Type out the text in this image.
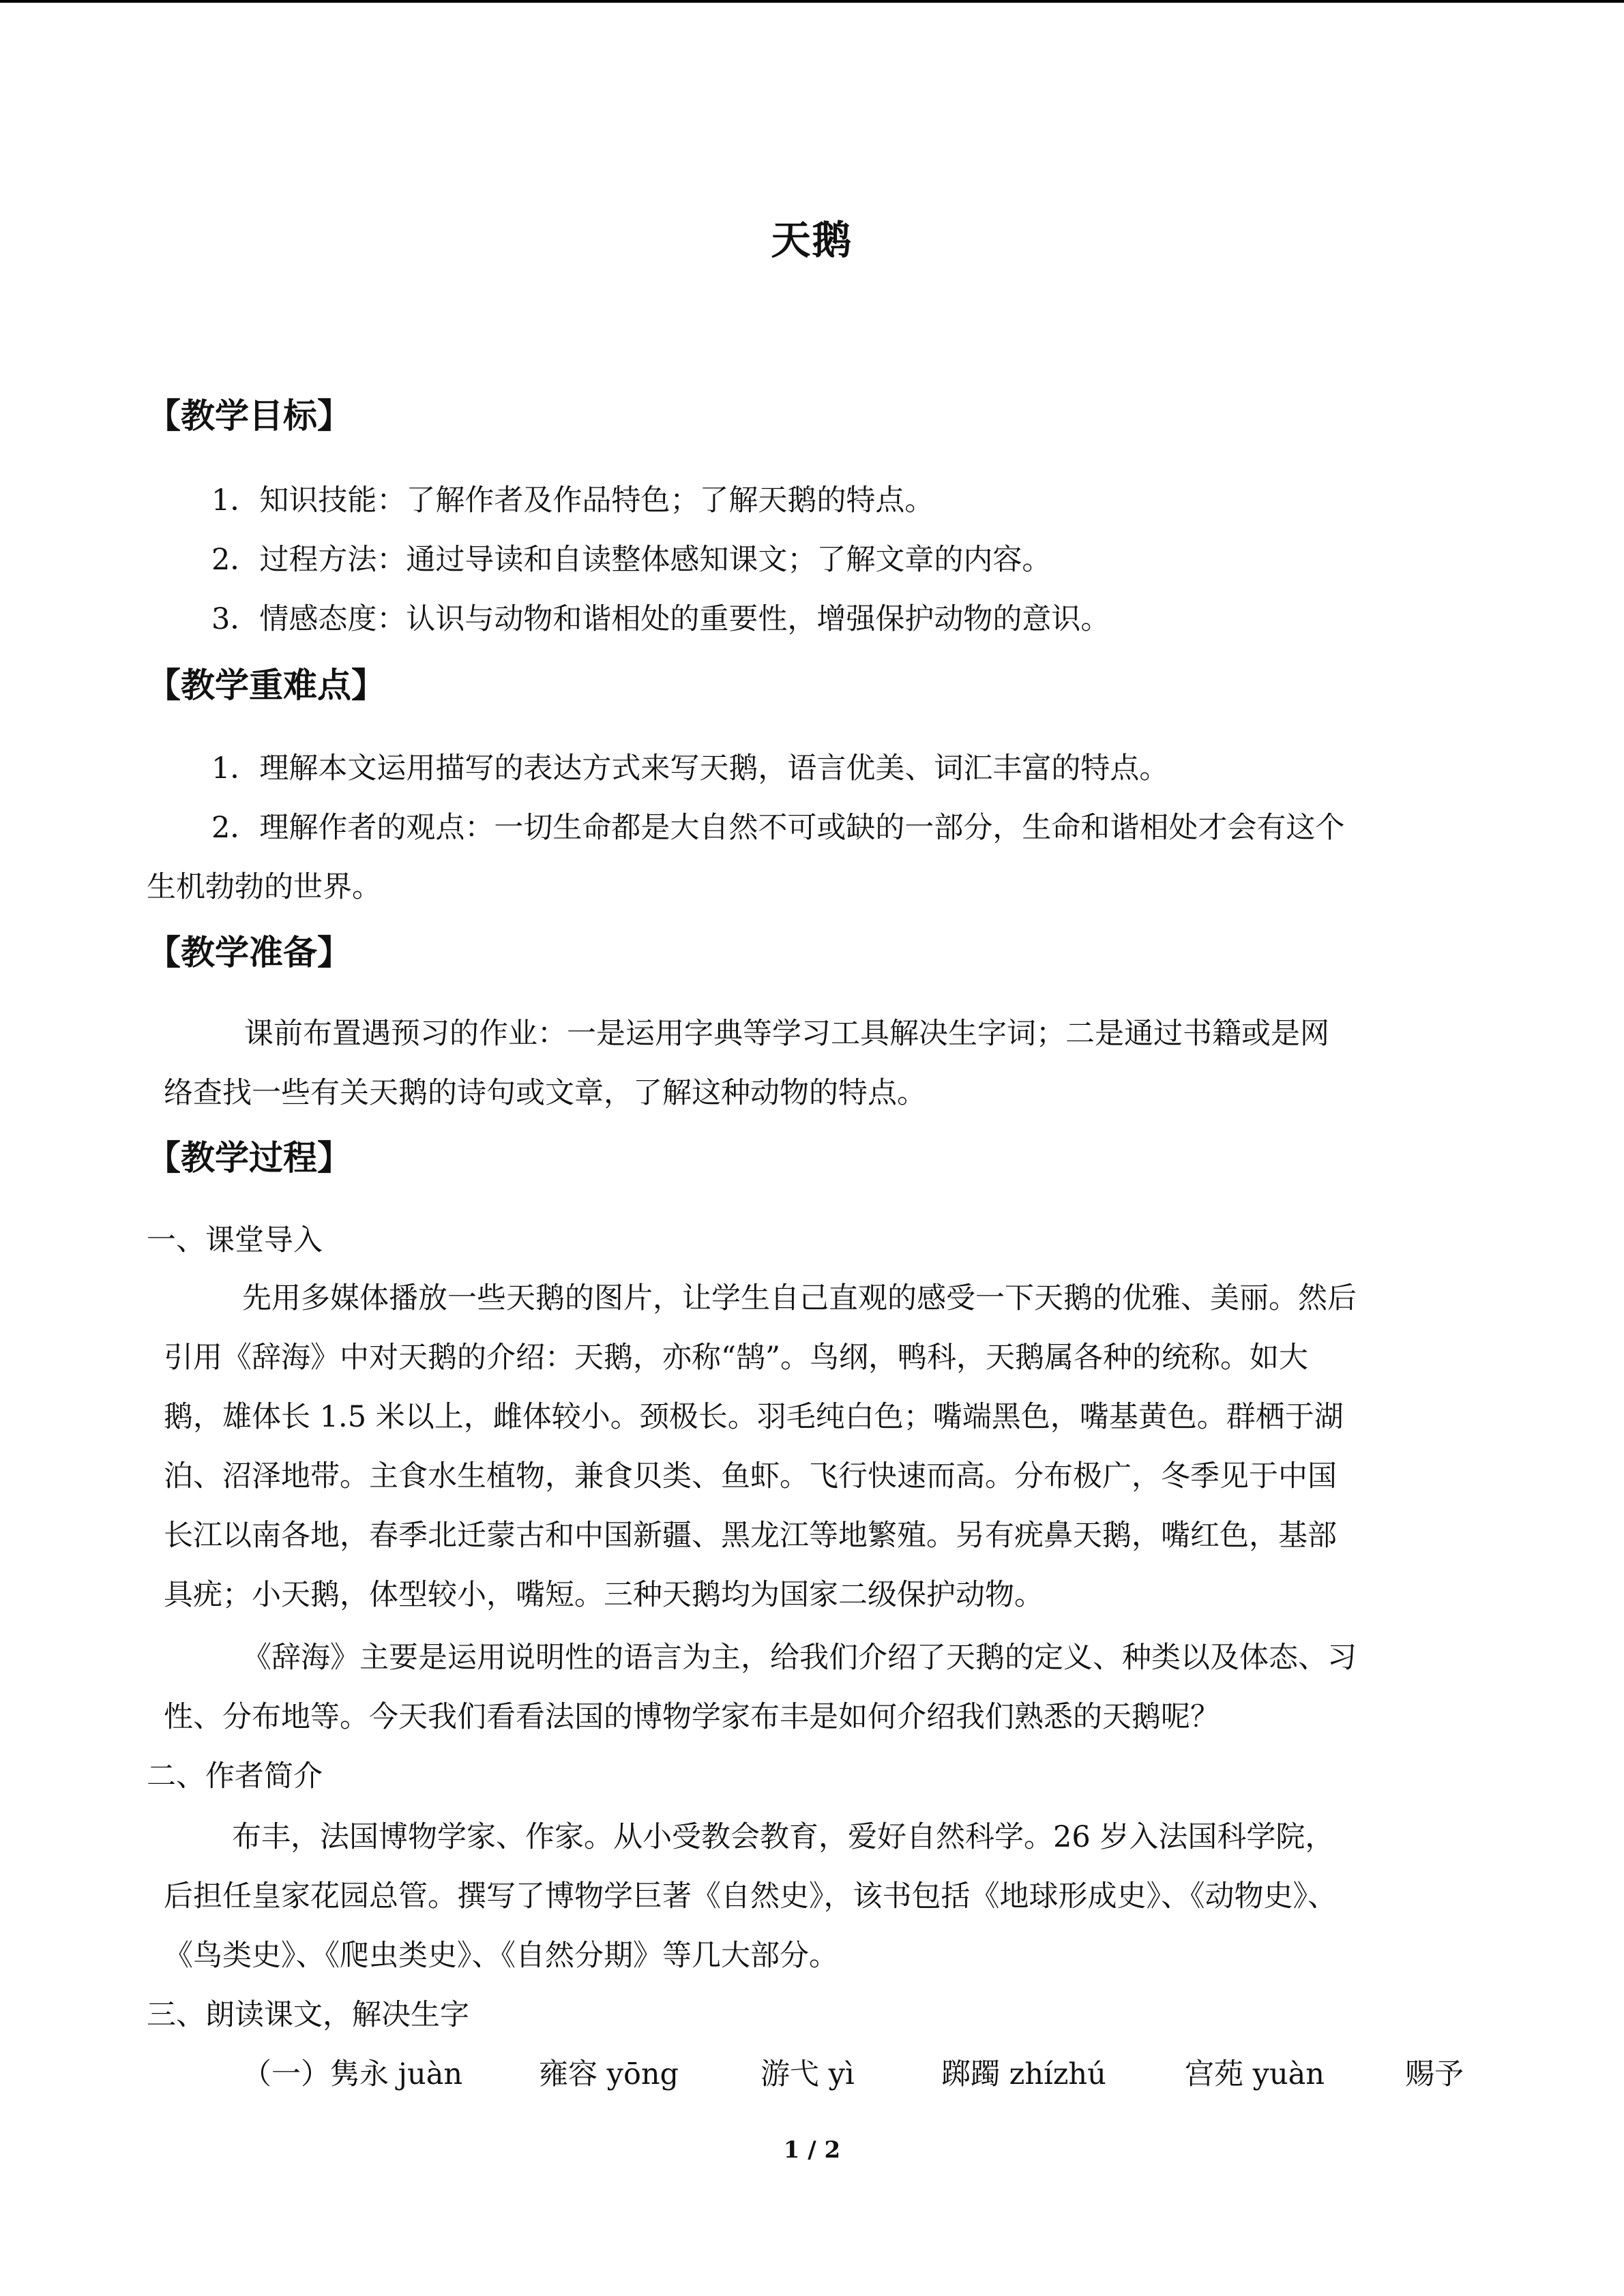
天鹅
【教学目标】
1．知识技能：了解作者及作品特色；了解天鹅的特点。
2．过程方法：通过导读和自读整体感知课文；了解文章的内容。
3．情感态度：认识与动物和谐相处的重要性，增强保护动物的意识。
【教学重难点】
1．理解本文运用描写的表达方式来写天鹅，语言优美、词汇丰富的特点。
2．理解作者的观点：一切生命都是大自然不可或缺的一部分，生命和谐相处才会有这个
生机勃勃的世界。
【教学准备】
课前布置遇预习的作业：一是运用字典等学习工具解决生字词；二是通过书籍或是网
络查找一些有关天鹅的诗句或文章，了解这种动物的特点。
【教学过程】
一、课堂导入
先用多媒体播放一些天鹅的图片，让学生自己直观的感受一下天鹅的优雅、美丽。然后
引用《辞海》中对天鹅的介绍：天鹅，亦称“鹄”。鸟纲，鸭科，天鹅属各种的统称。如大
鹅，雄体长 1.5 米以上，雌体较小。颈极长。羽毛纯白色；嘴端黑色，嘴基黄色。群栖于湖
泊、沼泽地带。主食水生植物，兼食贝类、鱼虾。飞行快速而高。分布极广，冬季见于中国
长江以南各地，春季北迁蒙古和中国新疆、黑龙江等地繁殖。另有疣鼻天鹅，嘴红色，基部
具疣；小天鹅，体型较小，嘴短。三种天鹅均为国家二级保护动物。
《辞海》主要是运用说明性的语言为主，给我们介绍了天鹅的定义、种类以及体态、习
性、分布地等。今天我们看看法国的博物学家布丰是如何介绍我们熟悉的天鹅呢？
二、作者简介
布丰，法国博物学家、作家。从小受教会教育，爱好自然科学。26 岁入法国科学院，
后担任皇家花园总管。撰写了博物学巨著《自然史》，该书包括《地球形成史》、《动物史》、
《鸟类史》、《爬虫类史》、《自然分期》等几大部分。
三、朗读课文，解决生字
（一）隽永 juàn	雍容 yōng	游弋 yì	踯躅 zhízhú	宫苑 yuàn	赐予
1 / 2
